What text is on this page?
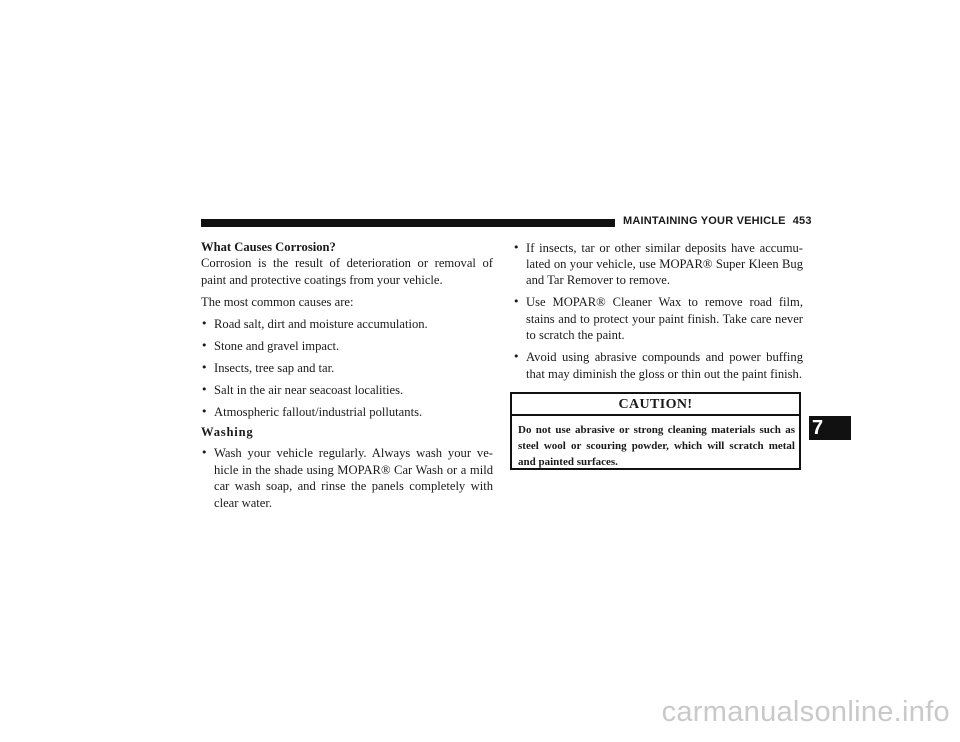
MAINTAINING YOUR VEHICLE 453

What Causes Corrosion?

Corrosion is the result of deterioration or removal of paint and protective coatings from your vehicle.

The most common causes are:

• Road salt, dirt and moisture accumulation.
• Stone and gravel impact.
• Insects, tree sap and tar.
• Salt in the air near seacoast localities.
• Atmospheric fallout/industrial pollutants.

Washing

• Wash your vehicle regularly. Always wash your ve-hicle in the shade using MOPAR® Car Wash or a mild car wash soap, and rinse the panels completely with clear water.
• If insects, tar or other similar deposits have accumu-lated on your vehicle, use MOPAR® Super Kleen Bug and Tar Remover to remove.
• Use MOPAR® Cleaner Wax to remove road film, stains and to protect your paint finish. Take care never to scratch the paint.
• Avoid using abrasive compounds and power buffing that may diminish the gloss or thin out the paint finish.
CAUTION!
Do not use abrasive or strong cleaning materials such as steel wool or scouring powder, which will scratch metal and painted surfaces.
7
carmanualsonline.info
